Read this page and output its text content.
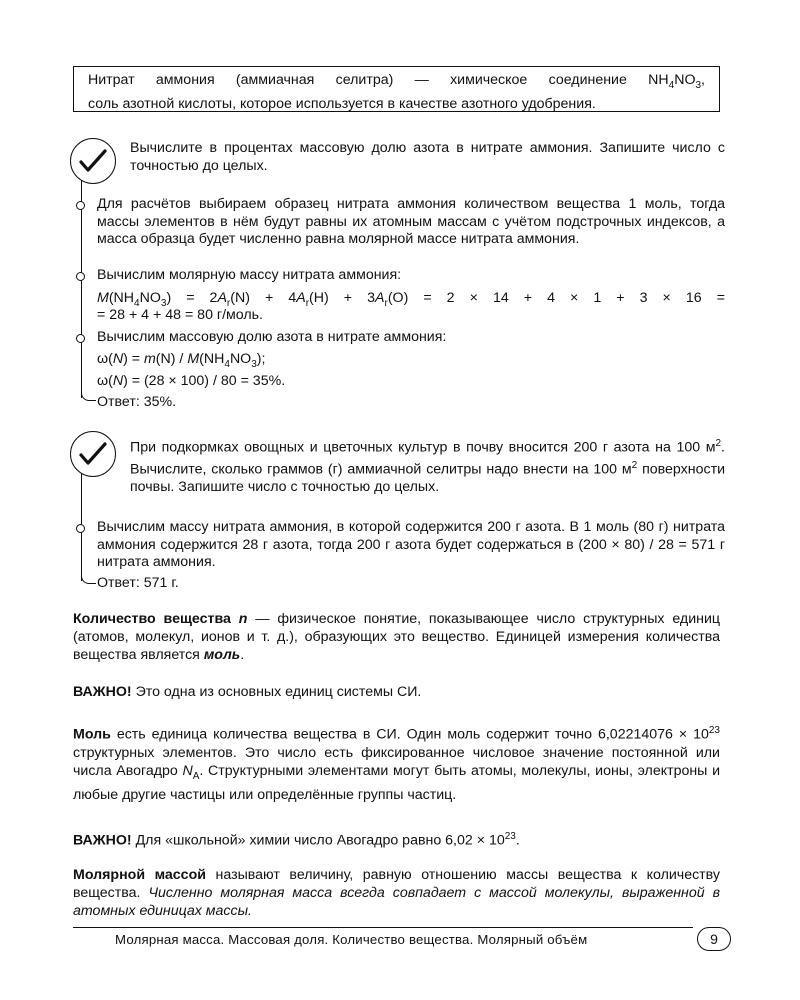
Нитрат аммония (аммиачная селитра) — химическое соединение $NH_4NO_3$,
соль азотной кислоты, которое используется в качестве азотного удобрения.
Вычислите в процентах массовую долю азота в нитрате аммония. Запишите число с точностью до целых.
Для расчётов выбираем образец нитрата аммония количеством вещества 1 моль, тогда массы элементов в нём будут равны их атомным массам с учётом подстрочных индексов, а масса образца будет численно равна молярной массе нитрата аммония.
Вычислим молярную массу нитрата аммония:
$M(NH_4NO_3) = 2A_r(N) + 4A_r(H) + 3A_r(O) = 2 \times 14 + 4 \times 1 + 3 \times 16$ =
= 28 + 4 + 48 = 80 г/моль.
Вычислим массовую долю азота в нитрате аммония:
$\omega(N) = m(N) / M(NH_4NO_3)$;
ω(N) = (28 × 100) / 80 = 35%.
Ответ: 35%.
При подкормках овощных и цветочных культур в почву вносится 200 г азота на 100 $м^2$. Вычислите, сколько граммов (г) аммиачной селитры надо внести на 100 $м^2$ поверхности почвы. Запишите число с точностью до целых.
Вычислим массу нитрата аммония, в которой содержится 200 г азота. В 1 моль (80 г) нитрата аммония содержится 28 г азота, тогда 200 г азота будет содержаться в (200 × 80) / 28 = 571 г нитрата аммония.
Ответ: 571 г.
Количество вещества n — физическое понятие, показывающее число структурных единиц (атомов, молекул, ионов и т. д.), образующих это вещество. Единицей измерения количества вещества является моль.
ВАЖНО! Это одна из основных единиц системы СИ.
Моль есть единица количества вещества в СИ. Один моль содержит точно $6,02214076 \times 10^{23}$ структурных элементов. Это число есть фиксированное числовое значение постоянной или числа Авогадро $N_A$. Структурными элементами могут быть атомы, молекулы, ионы, электроны и любые другие частицы или определённые группы частиц.
ВАЖНО! Для «школьной» химии число Авогадро равно $6,02 \times 10^{23}$.
Молярной массой называют величину, равную отношению массы вещества к количеству вещества. Численно молярная масса всегда совпадает с массой молекулы, выраженной в атомных единицах массы.
Молярная масса. Массовая доля. Количество вещества. Молярный объём	9
